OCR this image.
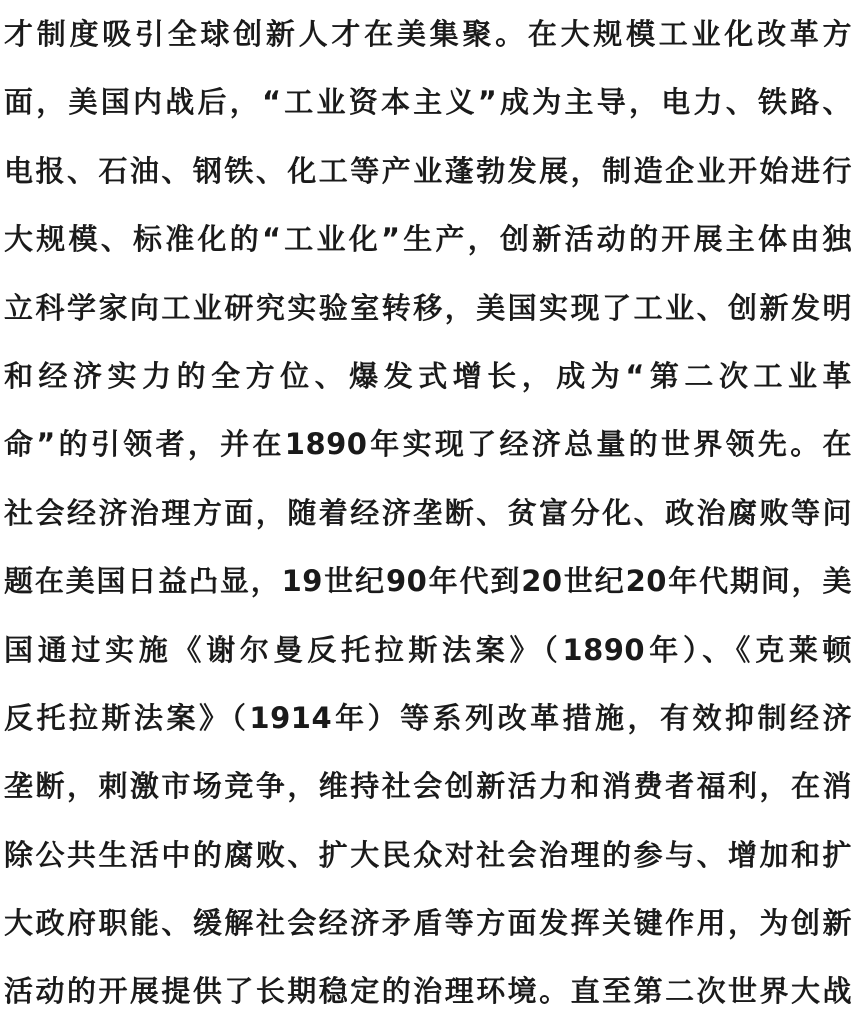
才制度吸引全球创新人才在美集聚。在大规模工业化改革方
面，美国内战后，“工业资本主义”成为主导，电力、铁路、
电报、石油、钢铁、化工等产业蓬勃发展，制造企业开始进行
大规模、标准化的“工业化”生产，创新活动的开展主体由独
立科学家向工业研究实验室转移，美国实现了工业、创新发明
和经济实力的全方位、爆发式增长，成为“第二次工业革
命”的引领者，并在1890年实现了经济总量的世界领先。在
社会经济治理方面，随着经济垄断、贫富分化、政治腐败等问
题在美国日益凸显，19世纪90年代到20世纪20年代期间，美
国通过实施《谢尔曼反托拉斯法案》（1890年）、《克莱顿
反托拉斯法案》（1914年）等系列改革措施，有效抑制经济
垄断，刺激市场竞争，维持社会创新活力和消费者福利，在消
除公共生活中的腐败、扩大民众对社会治理的参与、增加和扩
大政府职能、缓解社会经济矛盾等方面发挥关键作用，为创新
活动的开展提供了长期稳定的治理环境。直至第二次世界大战
